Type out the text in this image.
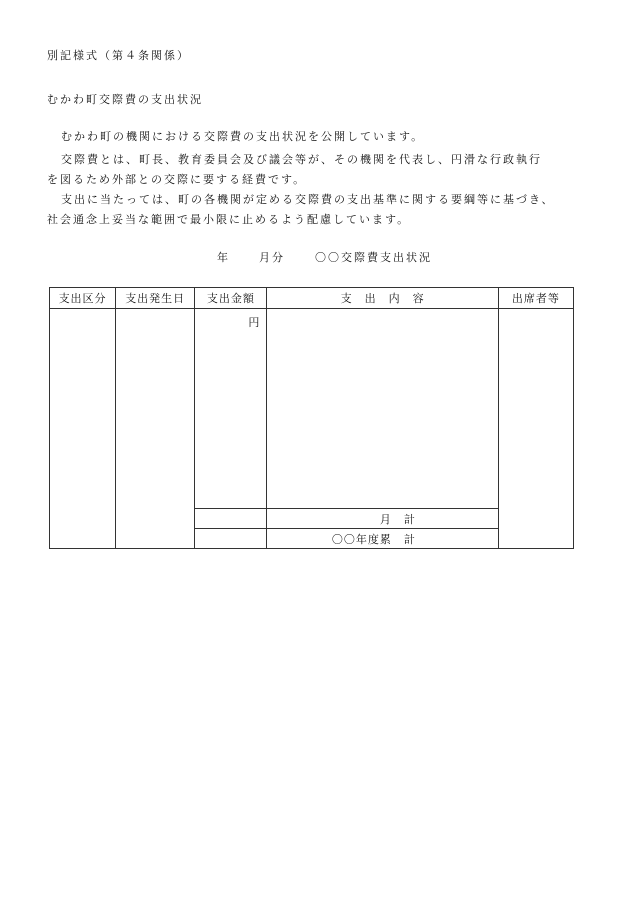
別記様式（第４条関係）
むかわ町交際費の支出状況
むかわ町の機関における交際費の支出状況を公開しています。
交際費とは、町長、教育委員会及び議会等が、その機関を代表し、円滑な行政執行
を図るため外部との交際に要する経費です。
支出に当たっては、町の各機関が定める交際費の支出基準に関する要綱等に基づき、
社会通念上妥当な範囲で最小限に止めるよう配慮しています。
年	月分	〇〇交際費支出状況
支出区分	支出発生日	支出金額	支　出　内　容	出席者等
		円		
			月　計	
			〇〇年度累　計	
